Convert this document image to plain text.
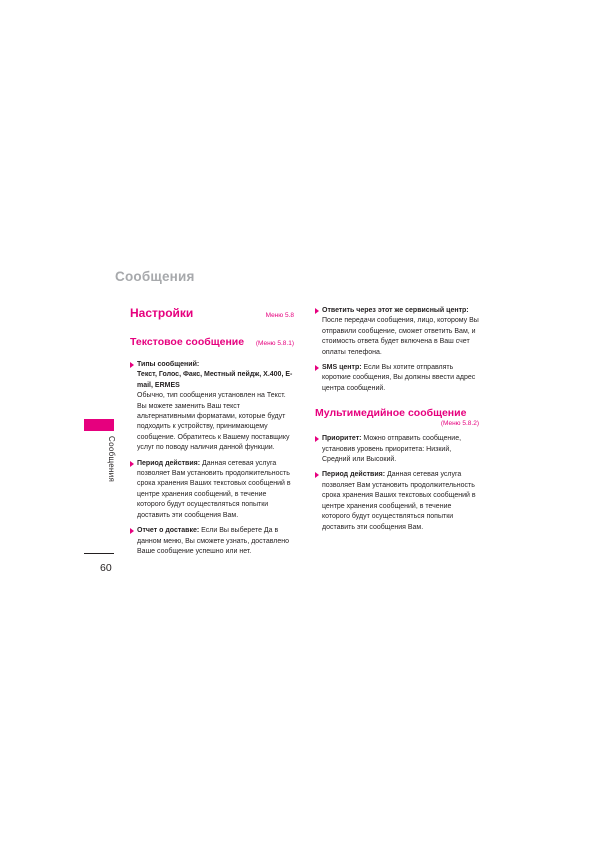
Сообщения
Сообщения
60
Настройки	Меню 5.8
Текстовое сообщение (Меню 5.8.1)
Типы сообщений:
Текст, Голос, Факс, Местный пейдж, X.400, E-mail, ERMES
Обычно, тип сообщения установлен на Текст. Вы можете заменить Ваш текст альтернативными форматами, которые будут подходить к устройству, принимающему сообщение. Обратитесь к Вашему поставщику услуг по поводу наличия данной функции.
Период действия: Данная сетевая услуга позволяет Вам установить продолжительность срока хранения Ваших текстовых сообщений в центре хранения сообщений, в течение которого будут осуществляться попытки доставить эти сообщения Вам.
Отчет о доставке: Если Вы выберете Да в данном меню, Вы сможете узнать, доставлено Ваше сообщение успешно или нет.
Ответить через этот же сервисный центр: После передачи сообщения, лицо, которому Вы отправили сообщение, сможет ответить Вам, и стоимость ответа будет включена в Ваш счет оплаты телефона.
SMS центр: Если Вы хотите отправлять короткие сообщения, Вы должны ввести адрес центра сообщений.
Мультимедийное сообщение
(Меню 5.8.2)
Приоритет: Можно отправить сообщение, установив уровень приоритета: Низкий, Средний или Высокий.
Период действия: Данная сетевая услуга позволяет Вам установить продолжительность срока хранения Ваших текстовых сообщений в центре хранения сообщений, в течение которого будут осуществляться попытки доставить эти сообщения Вам.
